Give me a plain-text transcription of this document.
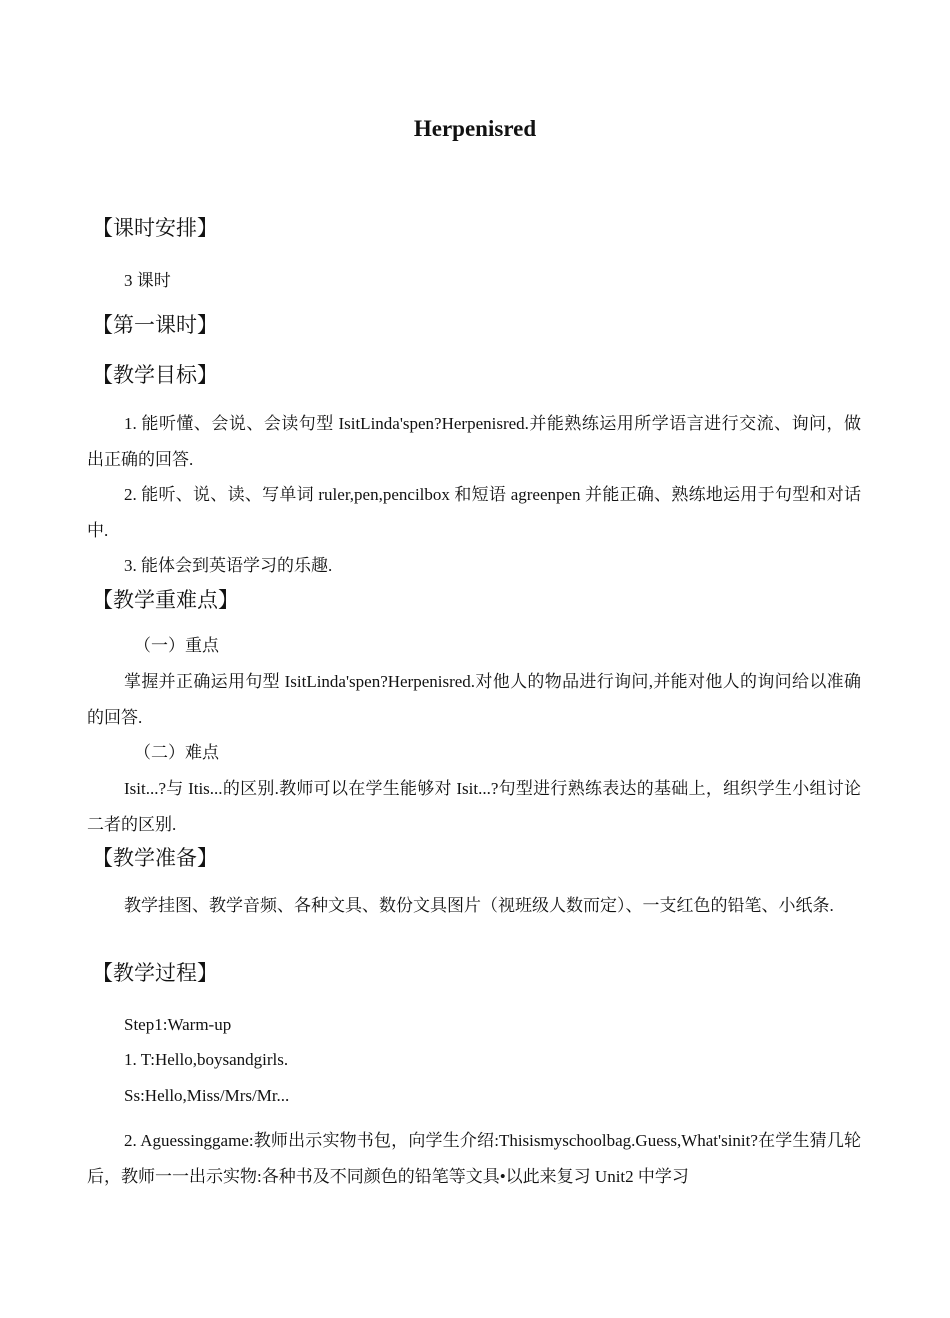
Herpenisred
【课时安排】
3 课时
【第一课时】
【教学目标】
1. 能听懂、会说、会读句型 IsitLinda'spen?Herpenisred.并能熟练运用所学语言进行交流、询问，做出正确的回答.
2. 能听、说、读、写单词 ruler,pen,pencilbox 和短语 agreenpen 并能正确、熟练地运用于句型和对话中.
3. 能体会到英语学习的乐趣.
【教学重难点】
（一）重点
掌握并正确运用句型 IsitLinda'spen?Herpenisred.对他人的物品进行询问,并能对他人的询问给以准确的回答.
（二）难点
Isit...?与 Itis...的区别.教师可以在学生能够对 Isit...?句型进行熟练表达的基础上，组织学生小组讨论二者的区别.
【教学准备】
教学挂图、教学音频、各种文具、数份文具图片（视班级人数而定）、一支红色的铅笔、小纸条.
【教学过程】
Step1:Warm-up
1. T:Hello,boysandgirls.
Ss:Hello,Miss/Mrs/Mr...
2. Aguessinggame:教师出示实物书包，向学生介绍:Thisismyschoolbag.Guess,What'sinit?在学生猜几轮后，教师一一出示实物:各种书及不同颜色的铅笔等文具•以此来复习 Unit2 中学习
